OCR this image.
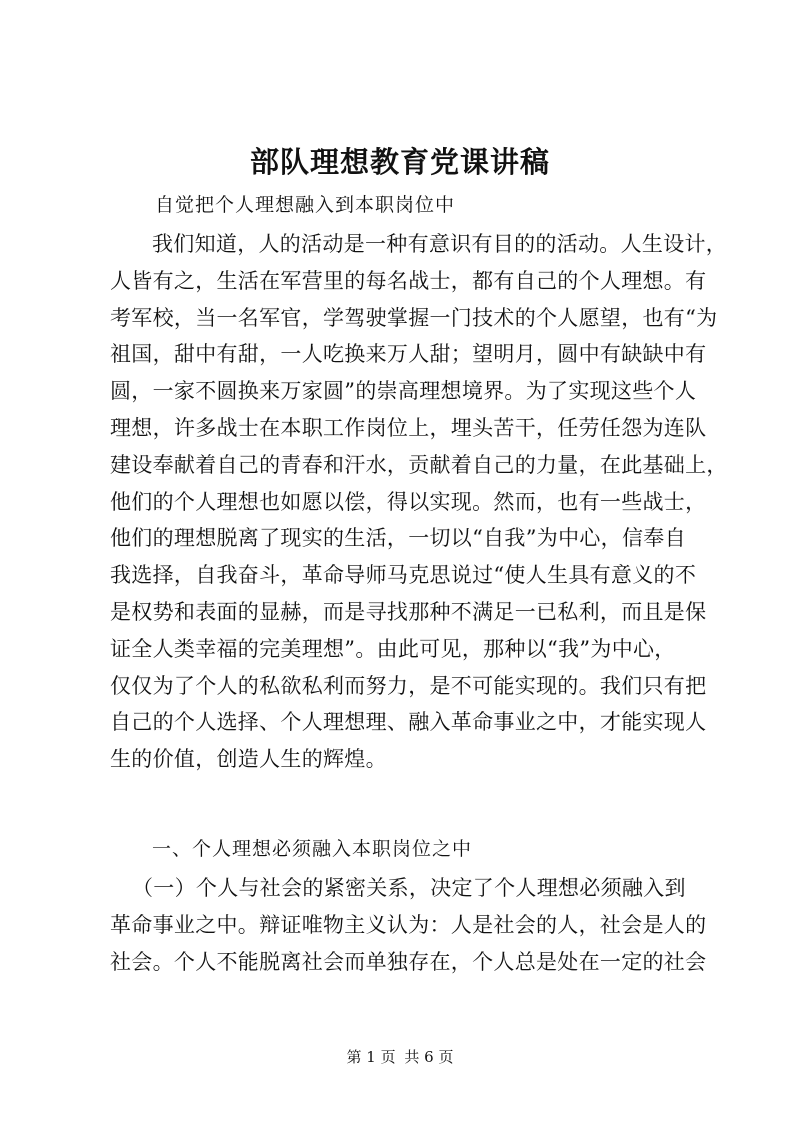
部队理想教育党课讲稿
自觉把个人理想融入到本职岗位中
我们知道，人的活动是一种有意识有目的的活动。人生设计，
人皆有之，生活在军营里的每名战士，都有自己的个人理想。有
考军校，当一名军官，学驾驶掌握一门技术的个人愿望，也有“为
祖国，甜中有甜，一人吃换来万人甜；望明月，圆中有缺缺中有
圆，一家不圆换来万家圆”的崇高理想境界。为了实现这些个人
理想，许多战士在本职工作岗位上，埋头苦干，任劳任怨为连队
建设奉献着自己的青春和汗水，贡献着自己的力量，在此基础上，
他们的个人理想也如愿以偿，得以实现。然而，也有一些战士，
他们的理想脱离了现实的生活，一切以“自我”为中心，信奉自
我选择，自我奋斗，革命导师马克思说过“使人生具有意义的不
是权势和表面的显赫，而是寻找那种不满足一已私利，而且是保
证全人类幸福的完美理想”。由此可见，那种以“我”为中心，
仅仅为了个人的私欲私利而努力，是不可能实现的。我们只有把
自己的个人选择、个人理想理、融入革命事业之中，才能实现人
生的价值，创造人生的辉煌。
一、个人理想必须融入本职岗位之中
（一）个人与社会的紧密关系，决定了个人理想必须融入到
革命事业之中。辩证唯物主义认为：人是社会的人，社会是人的
社会。个人不能脱离社会而单独存在，个人总是处在一定的社会
第 1 页 共 6 页
